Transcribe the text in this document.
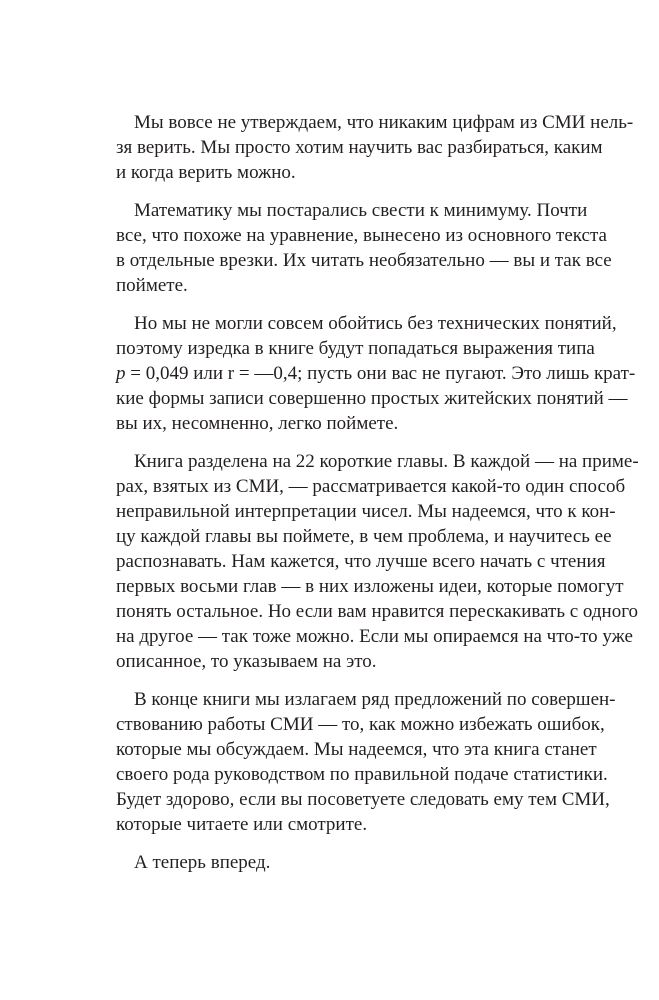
Мы вовсе не утверждаем, что никаким цифрам из СМИ нель-
зя верить. Мы просто хотим научить вас разбираться, каким
и когда верить можно.
Математику мы постарались свести к минимуму. Почти
все, что похоже на уравнение, вынесено из основного текста
в отдельные врезки. Их читать необязательно — вы и так все
поймете.
Но мы не могли совсем обойтись без технических понятий,
поэтому изредка в книге будут попадаться выражения типа
p = 0,049 или r = —0,4; пусть они вас не пугают. Это лишь крат-
кие формы записи совершенно простых житейских понятий —
вы их, несомненно, легко поймете.
Книга разделена на 22 короткие главы. В каждой — на приме-
рах, взятых из СМИ, — рассматривается какой-то один способ
неправильной интерпретации чисел. Мы надеемся, что к кон-
цу каждой главы вы поймете, в чем проблема, и научитесь ее
распознавать. Нам кажется, что лучше всего начать с чтения
первых восьми глав — в них изложены идеи, которые помогут
понять остальное. Но если вам нравится перескакивать с одного
на другое — так тоже можно. Если мы опираемся на что-то уже
описанное, то указываем на это.
В конце книги мы излагаем ряд предложений по совершен-
ствованию работы СМИ — то, как можно избежать ошибок,
которые мы обсуждаем. Мы надеемся, что эта книга станет
своего рода руководством по правильной подаче статистики.
Будет здорово, если вы посоветуете следовать ему тем СМИ,
которые читаете или смотрите.
А теперь вперед.
